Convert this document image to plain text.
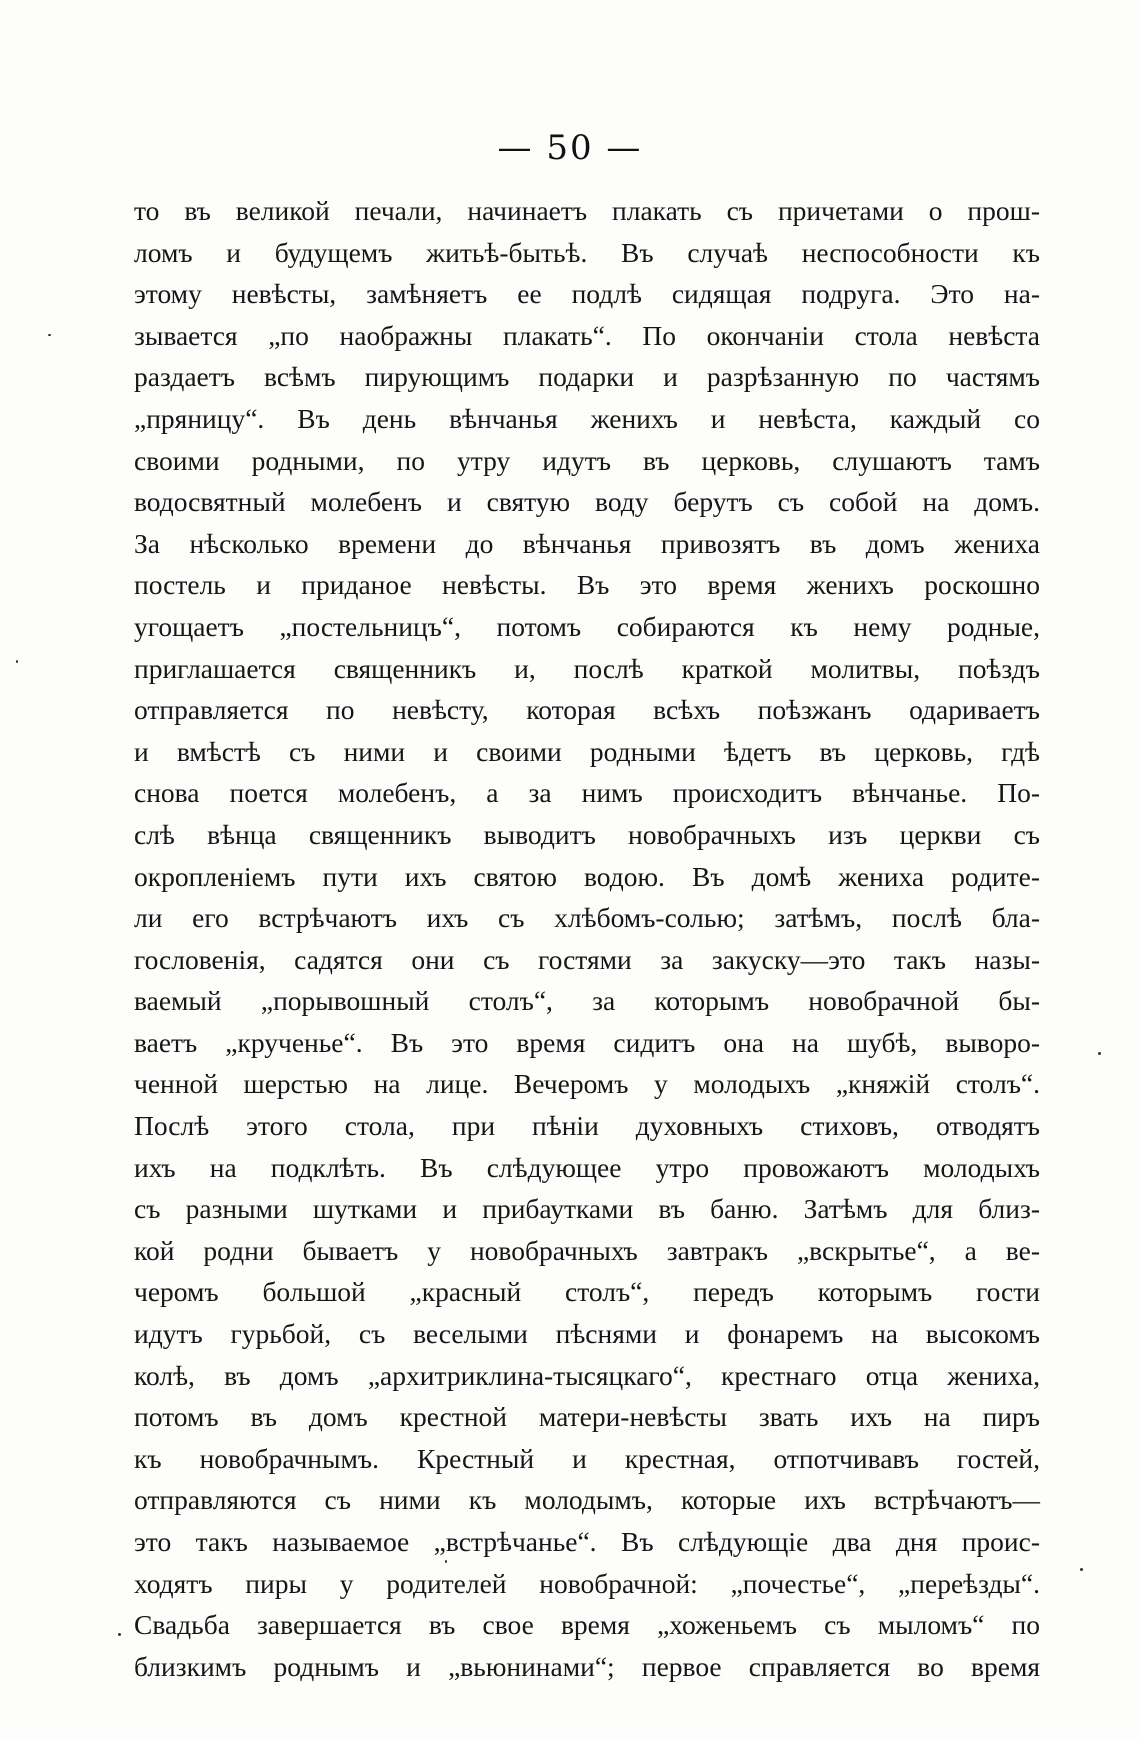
— 50 —
то въ великой печали, начинаетъ плакать съ причетами о прош-
ломъ и будущемъ житьѣ-бытьѣ. Въ случаѣ неспособности къ
этому невѣсты, замѣняетъ ее подлѣ сидящая подруга. Это на-
зывается „по наображны плакать“. По окончаніи стола невѣста
раздаетъ всѣмъ пирующимъ подарки и разрѣзанную по частямъ
„пряницу“. Въ день вѣнчанья женихъ и невѣста, каждый со
своими родными, по утру идутъ въ церковь, слушаютъ тамъ
водосвятный молебенъ и святую воду берутъ съ собой на домъ.
За нѣсколько времени до вѣнчанья привозятъ въ домъ жениха
постель и приданое невѣсты. Въ это время женихъ роскошно
угощаетъ „постельницъ“, потомъ собираются къ нему родные,
приглашается священникъ и, послѣ краткой молитвы, поѣздъ
отправляется по невѣсту, которая всѣхъ поѣзжанъ одариваетъ
и вмѣстѣ съ ними и своими родными ѣдетъ въ церковь, гдѣ
снова поется молебенъ, а за нимъ происходитъ вѣнчанье. По-
слѣ вѣнца священникъ выводитъ новобрачныхъ изъ церкви съ
окропленіемъ пути ихъ святою водою. Въ домѣ жениха родите-
ли его встрѣчаютъ ихъ съ хлѣбомъ-солью; затѣмъ, послѣ бла-
гословенія, садятся они съ гостями за закуску—это такъ назы-
ваемый „порывошный столъ“, за которымъ новобрачной бы-
ваетъ „крученье“. Въ это время сидитъ она на шубѣ, выворо-
ченной шерстью на лице. Вечеромъ у молодыхъ „княжій столъ“.
Послѣ этого стола, при пѣніи духовныхъ стиховъ, отводятъ
ихъ на подклѣть. Въ слѣдующее утро провожаютъ молодыхъ
съ разными шутками и прибаутками въ баню. Затѣмъ для близ-
кой родни бываетъ у новобрачныхъ завтракъ „вскрытье“, а ве-
черомъ большой „красный столъ“, передъ которымъ гости
идутъ гурьбой, съ веселыми пѣснями и фонаремъ на высокомъ
колѣ, въ домъ „архитриклина-тысяцкаго“, крестнаго отца жениха,
потомъ въ домъ крестной матери-невѣсты звать ихъ на пиръ
къ новобрачнымъ. Крестный и крестная, отпотчивавъ гостей,
отправляются съ ними къ молодымъ, которые ихъ встрѣчаютъ—
это такъ называемое „встрѣчанье“. Въ слѣдующіе два дня проис-
ходятъ пиры у родителей новобрачной: „почестье“, „переѣзды“.
Свадьба завершается въ свое время „хоженьемъ съ мыломъ“ по
близкимъ роднымъ и „вьюнинами“; первое справляется во время
